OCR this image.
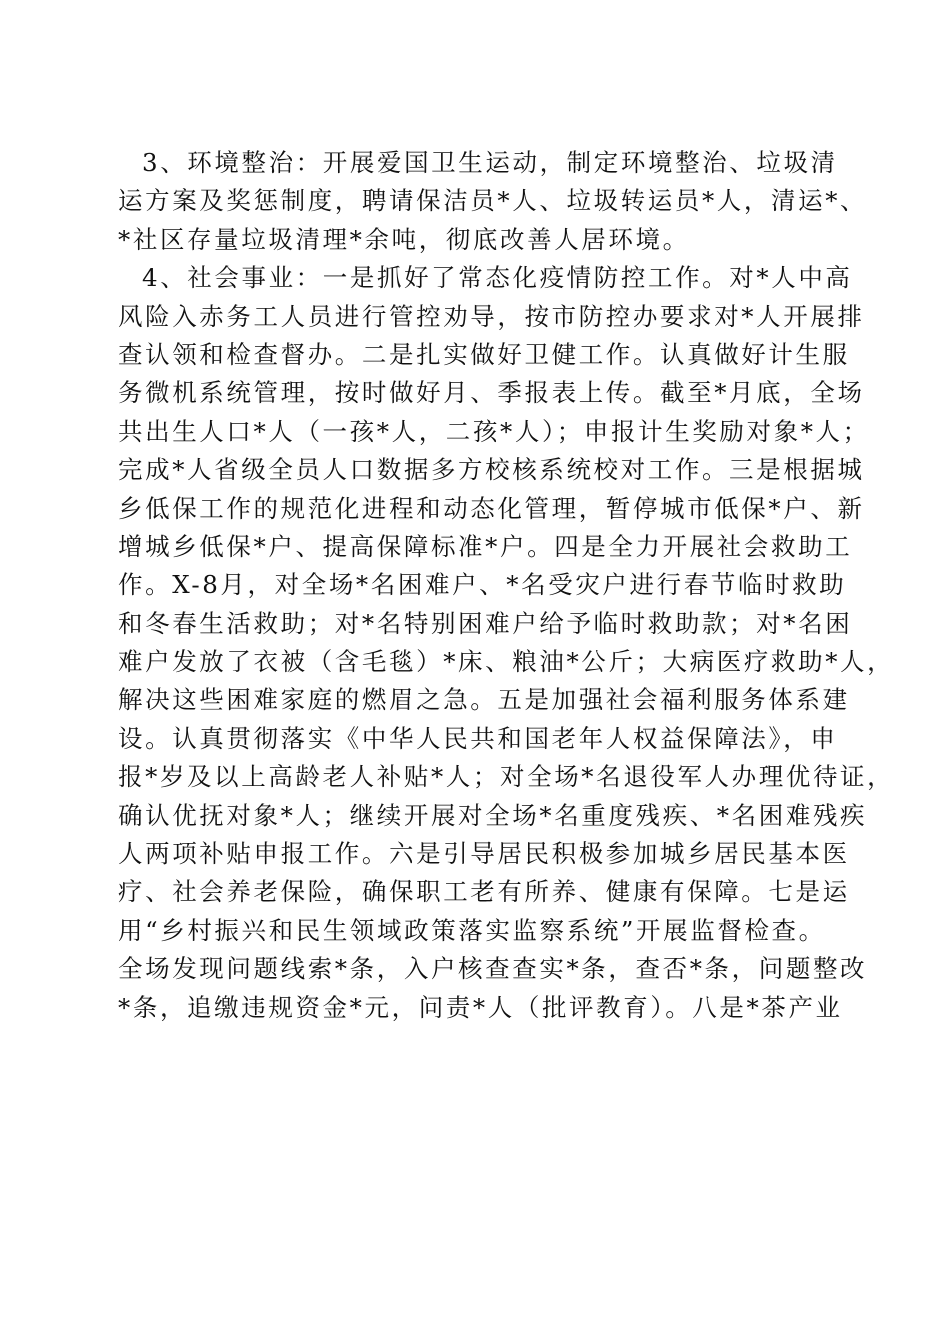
3、环境整治：开展爱国卫生运动，制定环境整治、垃圾清
运方案及奖惩制度，聘请保洁员*人、垃圾转运员*人，清运*、
*社区存量垃圾清理*余吨，彻底改善人居环境。
4、社会事业：一是抓好了常态化疫情防控工作。对*人中高
风险入赤务工人员进行管控劝导，按市防控办要求对*人开展排
查认领和检查督办。二是扎实做好卫健工作。认真做好计生服
务微机系统管理，按时做好月、季报表上传。截至*月底，全场
共出生人口*人（一孩*人，二孩*人）；申报计生奖励对象*人；
完成*人省级全员人口数据多方校核系统校对工作。三是根据城
乡低保工作的规范化进程和动态化管理，暂停城市低保*户、新
增城乡低保*户、提高保障标准*户。四是全力开展社会救助工
作。X-8月，对全场*名困难户、*名受灾户进行春节临时救助
和冬春生活救助；对*名特别困难户给予临时救助款；对*名困
难户发放了衣被（含毛毯）*床、粮油*公斤；大病医疗救助*人，
解决这些困难家庭的燃眉之急。五是加强社会福利服务体系建
设。认真贯彻落实《中华人民共和国老年人权益保障法》，申
报*岁及以上高龄老人补贴*人；对全场*名退役军人办理优待证，
确认优抚对象*人；继续开展对全场*名重度残疾、*名困难残疾
人两项补贴申报工作。六是引导居民积极参加城乡居民基本医
疗、社会养老保险，确保职工老有所养、健康有保障。七是运
用“乡村振兴和民生领域政策落实监察系统”开展监督检查。
全场发现问题线索*条，入户核查查实*条，查否*条，问题整改
*条，追缴违规资金*元，问责*人（批评教育）。八是*茶产业
